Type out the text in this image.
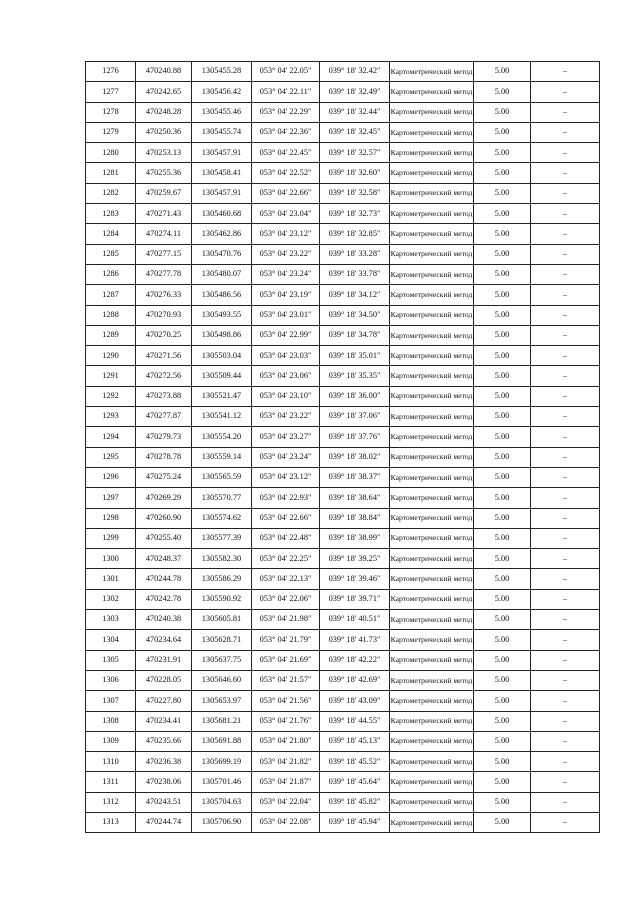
1276	470240.88	1305455.28	053° 04' 22.05"	039° 18' 32.42"	Картометрический метод	5.00	–
1277	470242.65	1305456.42	053° 04' 22.11"	039° 18' 32.49"	Картометрический метод	5.00	–
1278	470248.28	1305455.46	053° 04' 22.29"	039° 18' 32.44"	Картометрический метод	5.00	–
1279	470250.36	1305455.74	053° 04' 22.36"	039° 18' 32.45"	Картометрический метод	5.00	–
1280	470253.13	1305457.91	053° 04' 22.45"	039° 18' 32.57"	Картометрический метод	5.00	–
1281	470255.36	1305458.41	053° 04' 22.52"	039° 18' 32.60"	Картометрический метод	5.00	–
1282	470259.67	1305457.91	053° 04' 22.66"	039° 18' 32.58"	Картометрический метод	5.00	–
1283	470271.43	1305460.68	053° 04' 23.04"	039° 18' 32.73"	Картометрический метод	5.00	–
1284	470274.11	1305462.86	053° 04' 23.12"	039° 18' 32.85"	Картометрический метод	5.00	–
1285	470277.15	1305470.76	053° 04' 23.22"	039° 18' 33.28"	Картометрический метод	5.00	–
1286	470277.78	1305480.07	053° 04' 23.24"	039° 18' 33.78"	Картометрический метод	5.00	–
1287	470276.33	1305486.56	053° 04' 23.19"	039° 18' 34.12"	Картометрический метод	5.00	–
1288	470270.93	1305493.55	053° 04' 23.01"	039° 18' 34.50"	Картометрический метод	5.00	–
1289	470270.25	1305498.86	053° 04' 22.99"	039° 18' 34.78"	Картометрический метод	5.00	–
1290	470271.56	1305503.04	053° 04' 23.03"	039° 18' 35.01"	Картометрический метод	5.00	–
1291	470272.56	1305509.44	053° 04' 23.06"	039° 18' 35.35"	Картометрический метод	5.00	–
1292	470273.88	1305521.47	053° 04' 23.10"	039° 18' 36.00"	Картометрический метод	5.00	–
1293	470277.87	1305541.12	053° 04' 23.22"	039° 18' 37.06"	Картометрический метод	5.00	–
1294	470279.73	1305554.20	053° 04' 23.27"	039° 18' 37.76"	Картометрический метод	5.00	–
1295	470278.78	1305559.14	053° 04' 23.24"	039° 18' 38.02"	Картометрический метод	5.00	–
1296	470275.24	1305565.59	053° 04' 23.12"	039° 18' 38.37"	Картометрический метод	5.00	–
1297	470269.29	1305570.77	053° 04' 22.93"	039° 18' 38.64"	Картометрический метод	5.00	–
1298	470260.90	1305574.62	053° 04' 22.66"	039° 18' 38.84"	Картометрический метод	5.00	–
1299	470255.40	1305577.39	053° 04' 22.48"	039° 18' 38.99"	Картометрический метод	5.00	–
1300	470248.37	1305582.30	053° 04' 22.25"	039° 18' 39.25"	Картометрический метод	5.00	–
1301	470244.78	1305586.29	053° 04' 22.13"	039° 18' 39.46"	Картометрический метод	5.00	–
1302	470242.78	1305590.92	053° 04' 22.06"	039° 18' 39.71"	Картометрический метод	5.00	–
1303	470240.38	1305605.81	053° 04' 21.98"	039° 18' 40.51"	Картометрический метод	5.00	–
1304	470234.64	1305628.71	053° 04' 21.79"	039° 18' 41.73"	Картометрический метод	5.00	–
1305	470231.91	1305637.75	053° 04' 21.69"	039° 18' 42.22"	Картометрический метод	5.00	–
1306	470228.05	1305646.60	053° 04' 21.57"	039° 18' 42.69"	Картометрический метод	5.00	–
1307	470227.80	1305653.97	053° 04' 21.56"	039° 18' 43.09"	Картометрический метод	5.00	–
1308	470234.41	1305681.21	053° 04' 21.76"	039° 18' 44.55"	Картометрический метод	5.00	–
1309	470235.66	1305691.88	053° 04' 21.80"	039° 18' 45.13"	Картометрический метод	5.00	–
1310	470236.38	1305699.19	053° 04' 21.82"	039° 18' 45.52"	Картометрический метод	5.00	–
1311	470238.06	1305701.46	053° 04' 21.87"	039° 18' 45.64"	Картометрический метод	5.00	–
1312	470243.51	1305704.63	053° 04' 22.04"	039° 18' 45.82"	Картометрический метод	5.00	–
1313	470244.74	1305706.90	053° 04' 22.08"	039° 18' 45.94"	Картометрический метод	5.00	–
